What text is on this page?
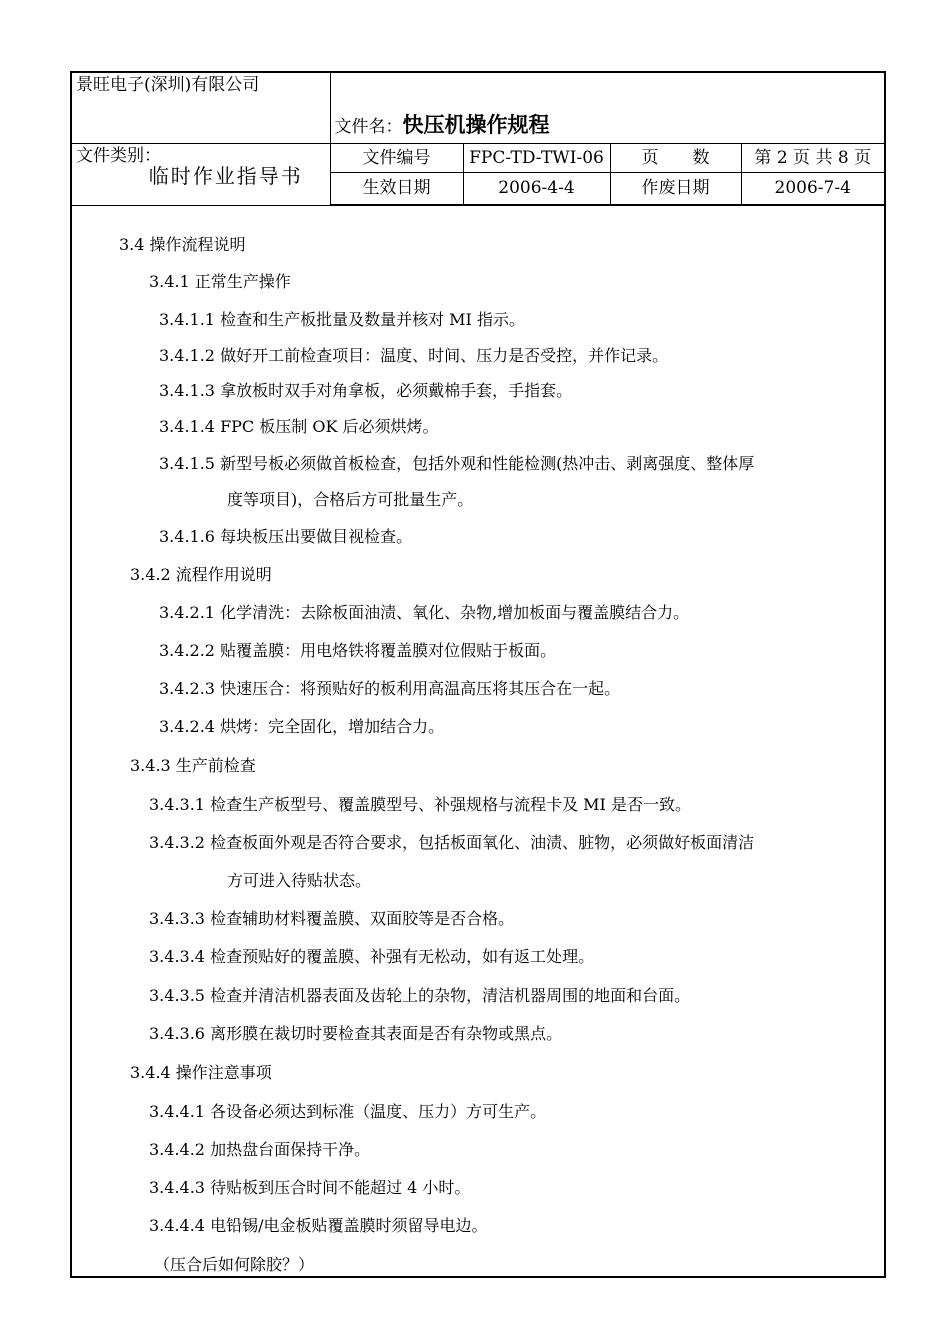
景旺电子(深圳)有限公司	文件名：快压机操作规程			

文件类别：
临时作业指导书	文件编号	FPC-TD-TWI-06	页　　数	第 2 页 共 8 页
	生效日期	2006-4-4	作废日期	2006-7-4
3.4 操作流程说明
3.4.1 正常生产操作
3.4.1.1 检查和生产板批量及数量并核对 MI 指示。
3.4.1.2 做好开工前检查项目：温度、时间、压力是否受控，并作记录。
3.4.1.3 拿放板时双手对角拿板，必须戴棉手套，手指套。
3.4.1.4 FPC 板压制 OK 后必须烘烤。
3.4.1.5 新型号板必须做首板检查，包括外观和性能检测(热冲击、剥离强度、整体厚
度等项目)，合格后方可批量生产。
3.4.1.6 每块板压出要做目视检查。
3.4.2 流程作用说明
3.4.2.1 化学清洗：去除板面油渍、氧化、杂物,增加板面与覆盖膜结合力。
3.4.2.2 贴覆盖膜：用电烙铁将覆盖膜对位假贴于板面。
3.4.2.3 快速压合：将预贴好的板利用高温高压将其压合在一起。
3.4.2.4 烘烤：完全固化，增加结合力。
3.4.3 生产前检查
3.4.3.1 检查生产板型号、覆盖膜型号、补强规格与流程卡及 MI 是否一致。
3.4.3.2 检查板面外观是否符合要求，包括板面氧化、油渍、脏物，必须做好板面清洁
方可进入待贴状态。
3.4.3.3 检查辅助材料覆盖膜、双面胶等是否合格。
3.4.3.4 检查预贴好的覆盖膜、补强有无松动，如有返工处理。
3.4.3.5 检查并清洁机器表面及齿轮上的杂物，清洁机器周围的地面和台面。
3.4.3.6 离形膜在裁切时要检查其表面是否有杂物或黑点。
3.4.4 操作注意事项
3.4.4.1 各设备必须达到标准（温度、压力）方可生产。
3.4.4.2 加热盘台面保持干净。
3.4.4.3 待贴板到压合时间不能超过 4 小时。
3.4.4.4 电铅锡/电金板贴覆盖膜时须留导电边。
（压合后如何除胶？）
